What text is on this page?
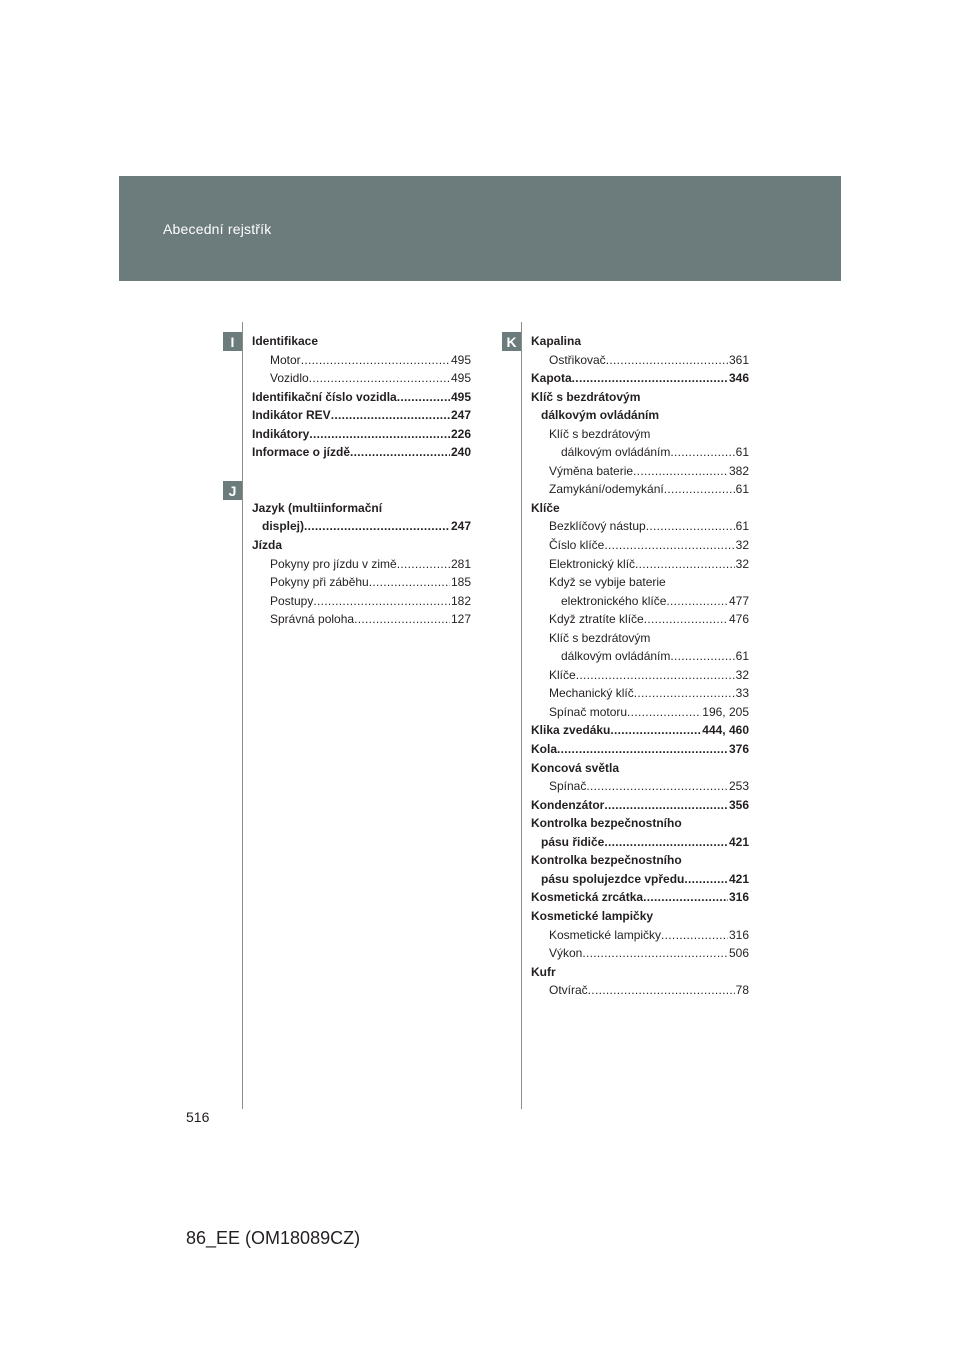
Abecední rejstřík
I
J
K
Identifikace
Motor .....	495
Vozidlo .....	495
Identifikační číslo vozidla .....	495
Indikátor REV .....	247
Indikátory .....	226
Informace o jízdě .....	240
Jazyk (multiinformační
displej) .....	247
Jízda
Pokyny pro jízdu v zimě .....	281
Pokyny při záběhu .....	185
Postupy .....	182
Správná poloha .....	127
Kapalina
Ostřikovač .....	361
Kapota .....	346
Klíč s bezdrátovým
dálkovým ovládáním
Klíč s bezdrátovým
dálkovým ovládáním .....	61
Výměna baterie .....	382
Zamykání/odemykání .....	61
Klíče
Bezklíčový nástup .....	61
Číslo klíče .....	32
Elektronický klíč .....	32
Když se vybije baterie
elektronického klíče .....	477
Když ztratíte klíče .....	476
Klíč s bezdrátovým
dálkovým ovládáním .....	61
Klíče .....	32
Mechanický klíč .....	33
Spínač motoru .....	196, 205
Klika zvedáku .....	444, 460
Kola .....	376
Koncová světla
Spínač .....	253
Kondenzátor .....	356
Kontrolka bezpečnostního
pásu řidiče .....	421
Kontrolka bezpečnostního
pásu spolujezdce vpředu .....	421
Kosmetická zrcátka .....	316
Kosmetické lampičky
Kosmetické lampičky .....	316
Výkon .....	506
Kufr
Otvírač .....	78
516
86_EE (OM18089CZ)
